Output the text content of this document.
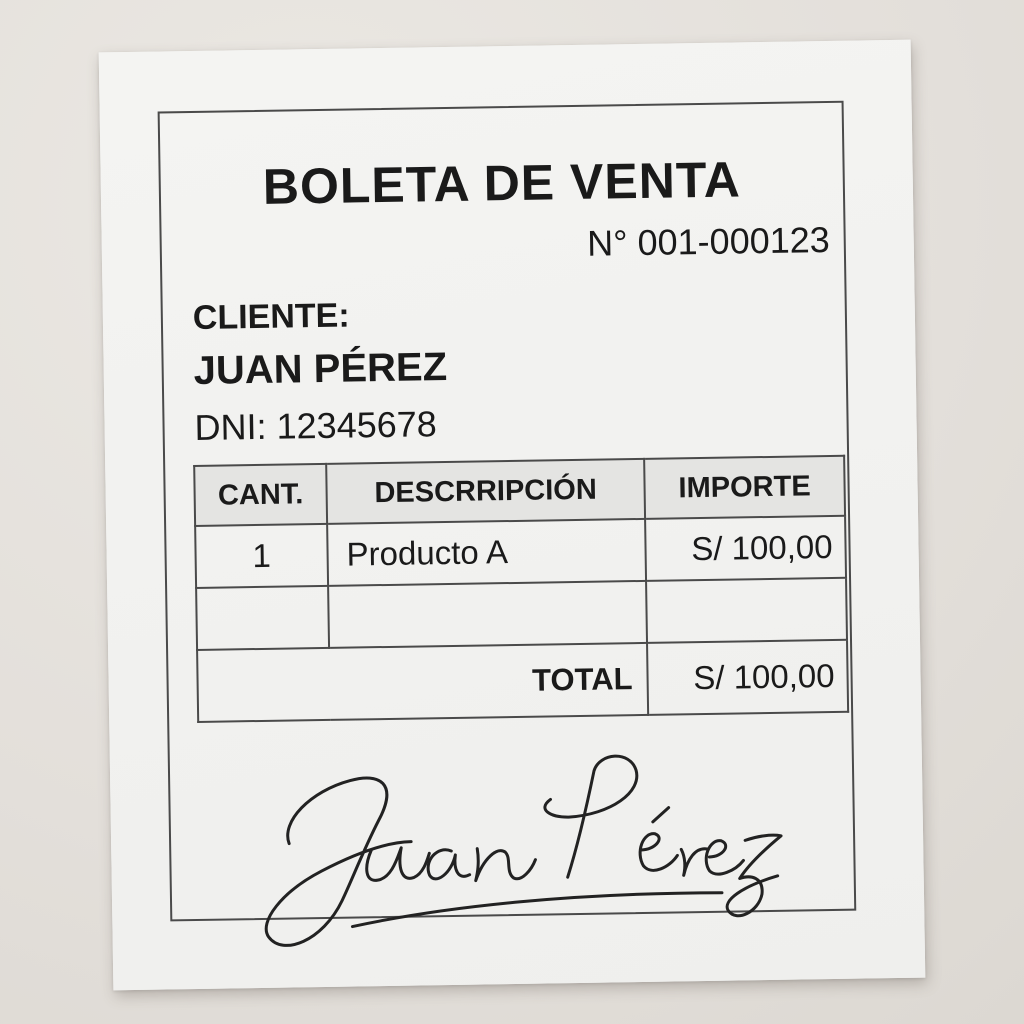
BOLETA DE VENTA
N° 001-000123
CLIENTE:
JUAN PÉREZ
DNI: 12345678
CANT.	DESCRRIPCIÓN	IMPORTE
1	Producto A	S/ 100,00

TOTAL		S/ 100,00
